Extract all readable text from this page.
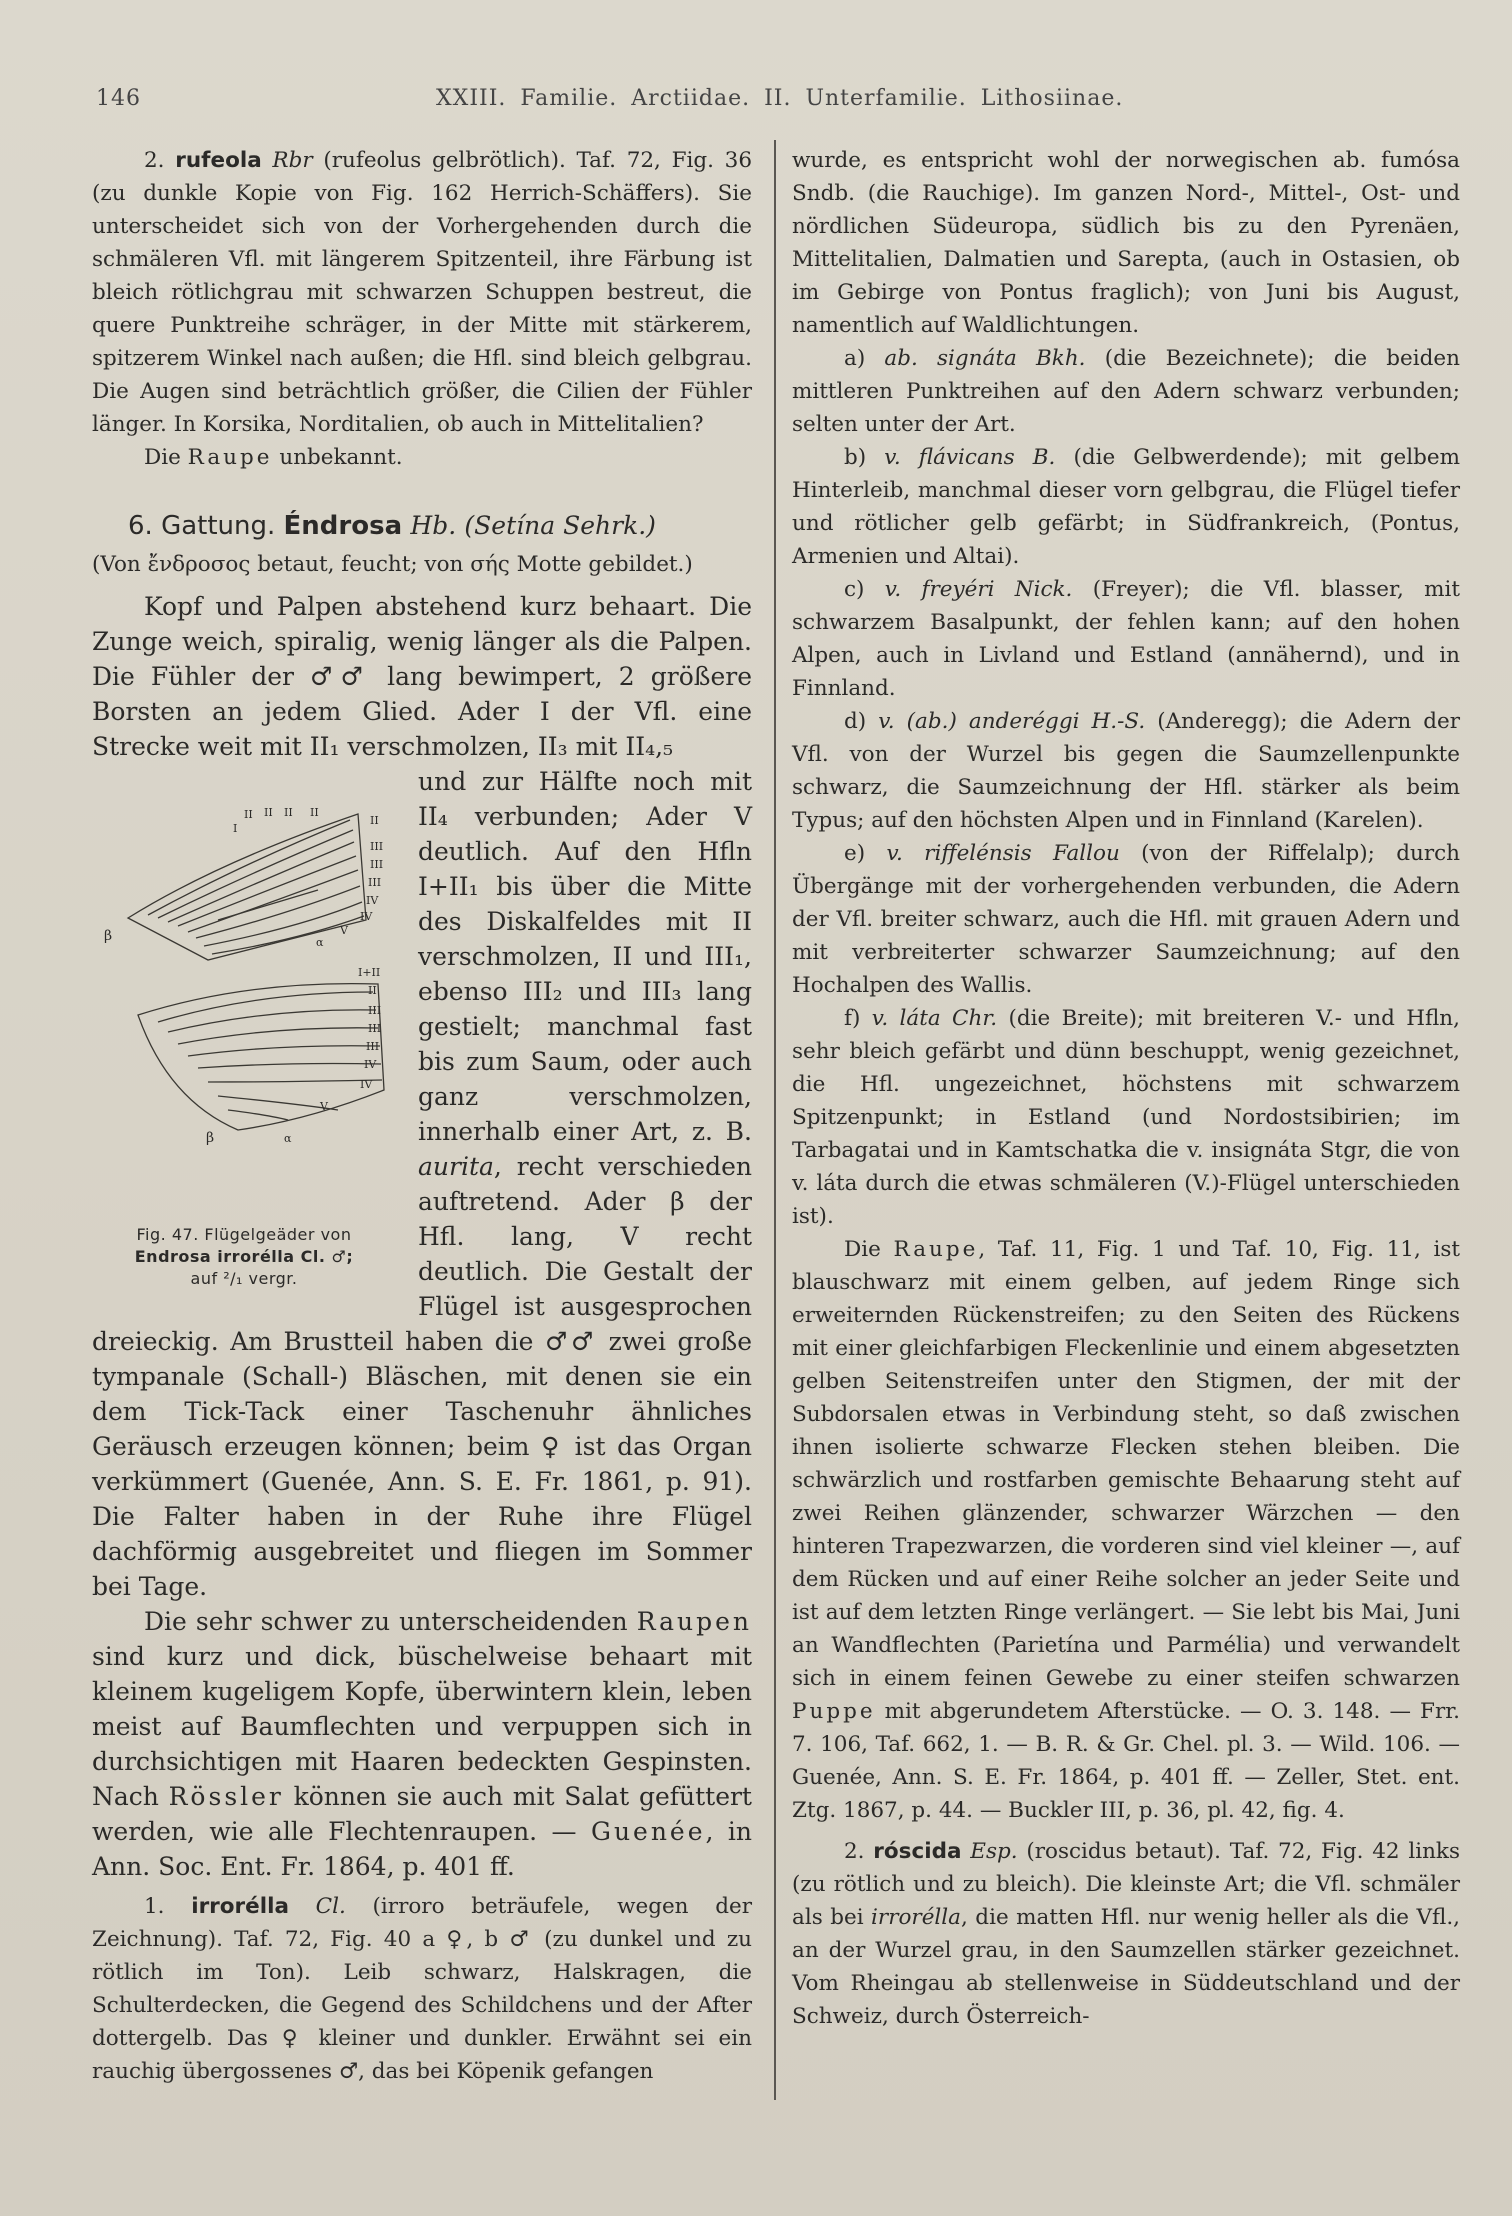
146	XXIII. Familie. Arctiidae. II. Unterfamilie. Lithosiinae.

2. rufeola Rbr (rufeolus gelbrötlich). Taf. 72, Fig. 36 (zu dunkle Kopie von Fig. 162 Herrich-Schäffers). Sie unterscheidet sich von der Vorhergehenden durch die schmäleren Vfl. mit längerem Spitzenteil, ihre Färbung ist bleich rötlichgrau mit schwarzen Schuppen bestreut, die quere Punktreihe schräger, in der Mitte mit stärkerem, spitzerem Winkel nach außen; die Hfl. sind bleich gelbgrau. Die Augen sind beträchtlich größer, die Cilien der Fühler länger. In Korsika, Norditalien, ob auch in Mittelitalien?

Die Raupe unbekannt.

6. Gattung. Éndrosa Hb. (Setína Sehrk.)

(Von ἔνδροσος betaut, feucht; von σής Motte gebildet.)

Kopf und Palpen abstehend kurz behaart. Die Zunge weich, spiralig, wenig länger als die Palpen. Die Fühler der ♂♂ lang bewimpert, 2 größere Borsten an jedem Glied. Ader I der Vfl. eine Strecke weit mit II₁ verschmolzen, II₃ mit II₄,₅

I
II II II II
II
III
III
III
IV
IV
V
α
β
I+II
II
III
III
III
IV
IV
V
β	α
Fig. 47. Flügelgeäder von
Endrosa irrorélla Cl. ♂;
auf ²/₁ vergr.

und zur Hälfte noch mit II₄ verbunden; Ader V deutlich. Auf den Hfln I+II₁ bis über die Mitte des Diskalfeldes mit II verschmolzen, II und III₁, ebenso III₂ und III₃ lang gestielt; manchmal fast bis zum Saum, oder auch ganz verschmolzen, innerhalb einer Art, z. B. aurita, recht verschieden auftretend. Ader β der Hfl. lang, V recht deutlich. Die Gestalt der Flügel ist ausgesprochen dreieckig. Am Brustteil haben die ♂♂ zwei große tympanale (Schall-) Bläschen, mit denen sie ein dem Tick-Tack einer Taschenuhr ähnliches Geräusch erzeugen können; beim ♀ ist das Organ verkümmert (Guenée, Ann. S. E. Fr. 1861, p. 91). Die Falter haben in der Ruhe ihre Flügel dachförmig ausgebreitet und fliegen im Sommer bei Tage.

Die sehr schwer zu unterscheidenden Raupen sind kurz und dick, büschelweise behaart mit kleinem kugeligem Kopfe, überwintern klein, leben meist auf Baumflechten und verpuppen sich in durchsichtigen mit Haaren bedeckten Gespinsten. Nach Rössler können sie auch mit Salat gefüttert werden, wie alle Flechtenraupen. — Guenée, in Ann. Soc. Ent. Fr. 1864, p. 401 ff.

1. irrorélla Cl. (irroro beträufele, wegen der Zeichnung). Taf. 72, Fig. 40 a ♀, b ♂ (zu dunkel und zu rötlich im Ton). Leib schwarz, Halskragen, die Schulterdecken, die Gegend des Schildchens und der After dottergelb. Das ♀ kleiner und dunkler. Erwähnt sei ein rauchig übergossenes ♂, das bei Köpenik gefangen

wurde, es entspricht wohl der norwegischen ab. fumósa Sndb. (die Rauchige). Im ganzen Nord-, Mittel-, Ost- und nördlichen Südeuropa, südlich bis zu den Pyrenäen, Mittelitalien, Dalmatien und Sarepta, (auch in Ostasien, ob im Gebirge von Pontus fraglich); von Juni bis August, namentlich auf Waldlichtungen.

a) ab. signáta Bkh. (die Bezeichnete); die beiden mittleren Punktreihen auf den Adern schwarz verbunden; selten unter der Art.

b) v. flávicans B. (die Gelbwerdende); mit gelbem Hinterleib, manchmal dieser vorn gelbgrau, die Flügel tiefer und rötlicher gelb gefärbt; in Südfrankreich, (Pontus, Armenien und Altai).

c) v. freyéri Nick. (Freyer); die Vfl. blasser, mit schwarzem Basalpunkt, der fehlen kann; auf den hohen Alpen, auch in Livland und Estland (annähernd), und in Finnland.

d) v. (ab.) anderéggi H.-S. (Anderegg); die Adern der Vfl. von der Wurzel bis gegen die Saumzellenpunkte schwarz, die Saumzeichnung der Hfl. stärker als beim Typus; auf den höchsten Alpen und in Finnland (Karelen).

e) v. riffelénsis Fallou (von der Riffelalp); durch Übergänge mit der vorhergehenden verbunden, die Adern der Vfl. breiter schwarz, auch die Hfl. mit grauen Adern und mit verbreiterter schwarzer Saumzeichnung; auf den Hochalpen des Wallis.

f) v. láta Chr. (die Breite); mit breiteren V.- und Hfln, sehr bleich gefärbt und dünn beschuppt, wenig gezeichnet, die Hfl. ungezeichnet, höchstens mit schwarzem Spitzenpunkt; in Estland (und Nordostsibirien; im Tarbagatai und in Kamtschatka die v. insignáta Stgr, die von v. láta durch die etwas schmäleren (V.)-Flügel unterschieden ist).

Die Raupe, Taf. 11, Fig. 1 und Taf. 10, Fig. 11, ist blauschwarz mit einem gelben, auf jedem Ringe sich erweiternden Rückenstreifen; zu den Seiten des Rückens mit einer gleichfarbigen Fleckenlinie und einem abgesetzten gelben Seitenstreifen unter den Stigmen, der mit der Subdorsalen etwas in Verbindung steht, so daß zwischen ihnen isolierte schwarze Flecken stehen bleiben. Die schwärzlich und rostfarben gemischte Behaarung steht auf zwei Reihen glänzender, schwarzer Wärzchen — den hinteren Trapezwarzen, die vorderen sind viel kleiner —, auf dem Rücken und auf einer Reihe solcher an jeder Seite und ist auf dem letzten Ringe verlängert. — Sie lebt bis Mai, Juni an Wandflechten (Parietína und Parmélia) und verwandelt sich in einem feinen Gewebe zu einer steifen schwarzen Puppe mit abgerundetem Afterstücke. — O. 3. 148. — Frr. 7. 106, Taf. 662, 1. — B. R. & Gr. Chel. pl. 3. — Wild. 106. — Guenée, Ann. S. E. Fr. 1864, p. 401 ff. — Zeller, Stet. ent. Ztg. 1867, p. 44. — Buckler III, p. 36, pl. 42, fig. 4.

2. róscida Esp. (roscidus betaut). Taf. 72, Fig. 42 links (zu rötlich und zu bleich). Die kleinste Art; die Vfl. schmäler als bei irrorélla, die matten Hfl. nur wenig heller als die Vfl., an der Wurzel grau, in den Saumzellen stärker gezeichnet. Vom Rheingau ab stellenweise in Süddeutschland und der Schweiz, durch Österreich-
